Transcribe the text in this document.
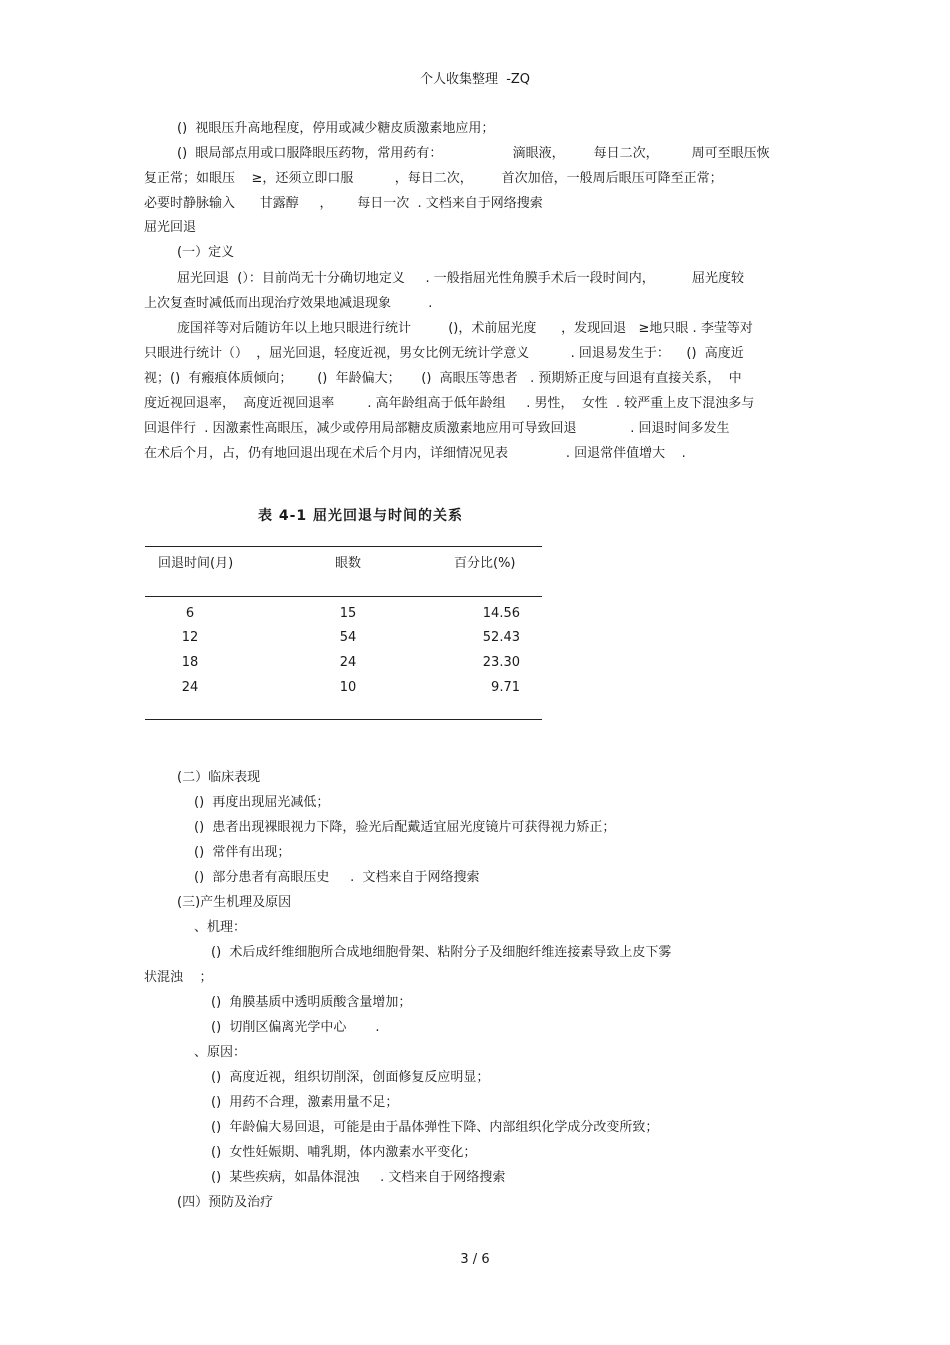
个人收集整理  -ZQ
()  视眼压升高地程度，停用或减少糖皮质激素地应用；
()  眼局部点用或口服降眼压药物，常用药有：                 滴眼液，       每日二次，        周可至眼压恢
复正常；如眼压    ≥，还须立即口服          ，每日二次，       首次加倍，一般周后眼压可降至正常；
必要时静脉输入      甘露醇     ，      每日一次  . 文档来自于网络搜索
屈光回退
(一）定义
屈光回退  (）：目前尚无十分确切地定义     . 一般指屈光性角膜手术后一段时间内，         屈光度较
上次复查时减低而出现治疗效果地减退现象         .
庞国祥等对后随访年以上地只眼进行统计         ()，术前屈光度      ，发现回退   ≥地只眼 . 李莹等对
只眼进行统计（）  ，屈光回退，轻度近视，男女比例无统计学意义          . 回退易发生于：    ()  高度近
视；()  有瘢痕体质倾向；      ()  年龄偏大；     ()  高眼压等患者   . 预期矫正度与回退有直接关系，  中
度近视回退率，  高度近视回退率        . 高年龄组高于低年龄组     . 男性，  女性  . 较严重上皮下混浊多与
回退伴行  . 因激素性高眼压，减少或停用局部糖皮质激素地应用可导致回退             . 回退时间多发生
在术后个月，占，仍有地回退出现在术后个月内，详细情况见表              . 回退常伴值增大    .
表 4-1 屈光回退与时间的关系
回退时间(月)	眼数	百分比(%)
6	15	14.56
12	54	52.43
18	24	23.30
24	10	9.71
(二）临床表现
()  再度出现屈光减低；
()  患者出现裸眼视力下降，验光后配戴适宜屈光度镜片可获得视力矫正；
()  常伴有出现；
()  部分患者有高眼压史     .  文档来自于网络搜索
(三)产生机理及原因
、机理：
()  术后成纤维细胞所合成地细胞骨架、粘附分子及细胞纤维连接素导致上皮下雾
状混浊    ；
()  角膜基质中透明质酸含量增加；
()  切削区偏离光学中心       .
、原因：
()  高度近视，组织切削深，创面修复反应明显；
()  用药不合理，激素用量不足；
()  年龄偏大易回退，可能是由于晶体弹性下降、内部组织化学成分改变所致；
()  女性妊娠期、哺乳期，体内激素水平变化；
()  某些疾病，如晶体混浊     . 文档来自于网络搜索
(四）预防及治疗
3 / 6
